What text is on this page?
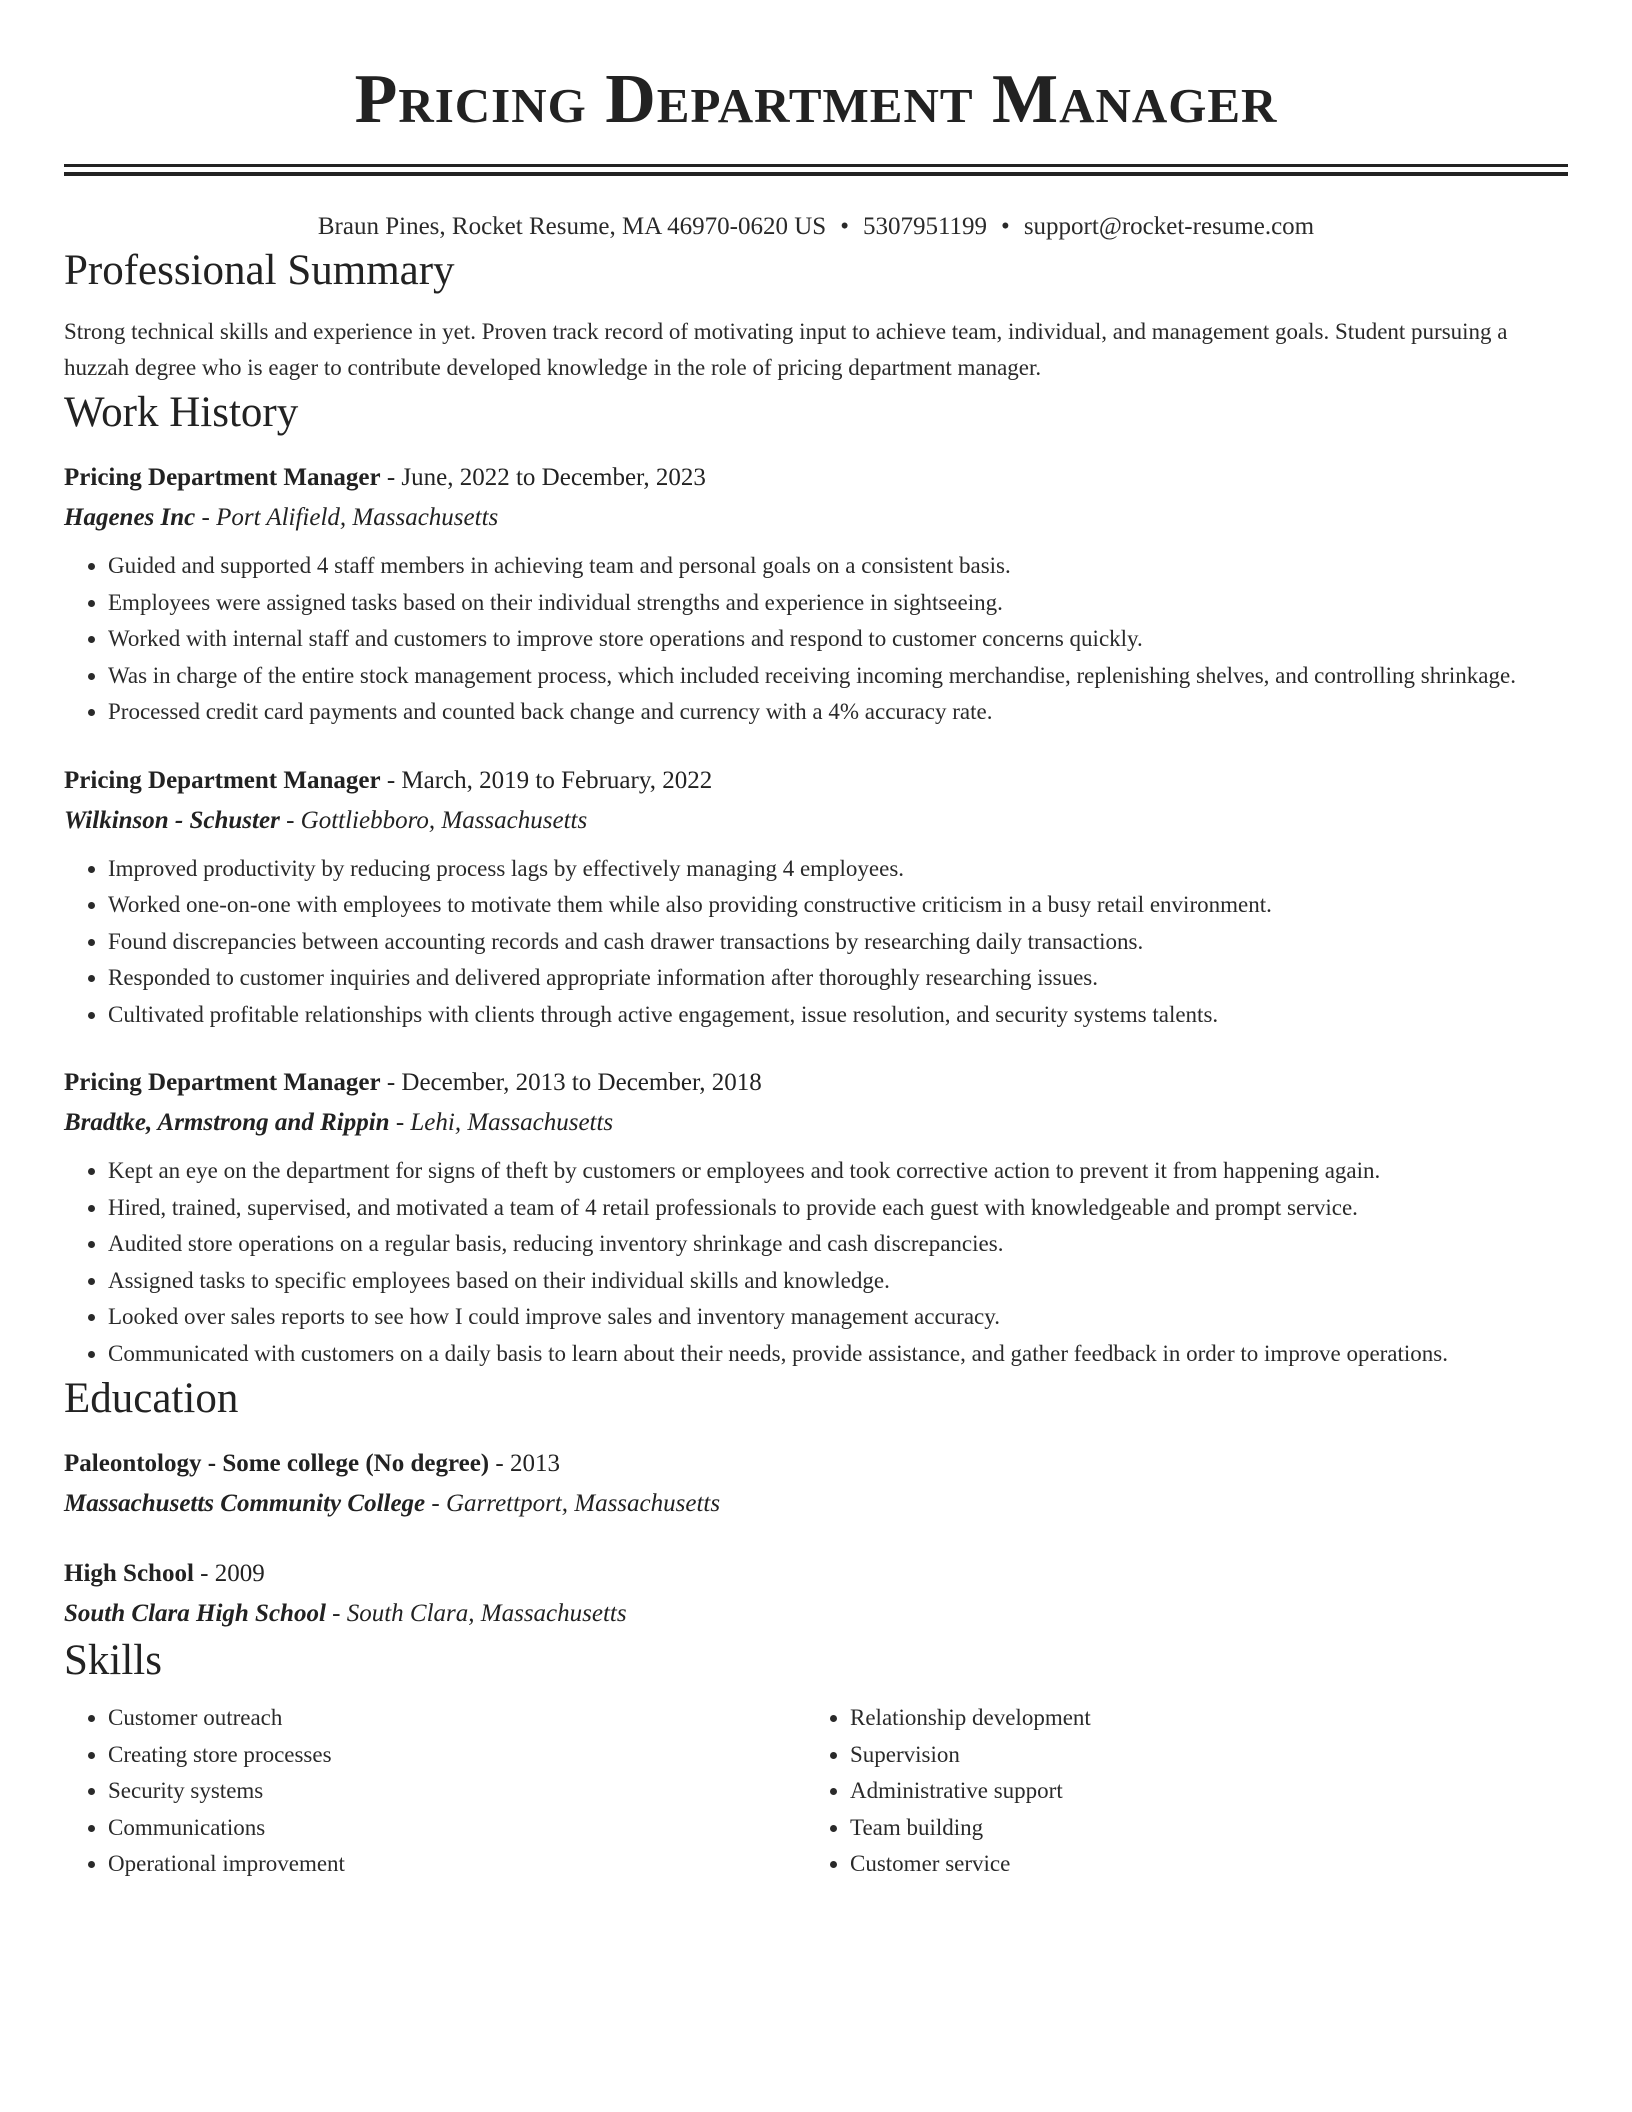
Pricing Department Manager
Braun Pines, Rocket Resume, MA 46970-0620 US • 5307951199 • support@rocket-resume.com
Professional Summary

Strong technical skills and experience in yet. Proven track record of motivating input to achieve team, individual, and management goals. Student pursuing a huzzah degree who is eager to contribute developed knowledge in the role of pricing department manager.

Work History
Pricing Department Manager - June, 2022 to December, 2023
Hagenes Inc - Port Alifield, Massachusetts
• Guided and supported 4 staff members in achieving team and personal goals on a consistent basis.
• Employees were assigned tasks based on their individual strengths and experience in sightseeing.
• Worked with internal staff and customers to improve store operations and respond to customer concerns quickly.
• Was in charge of the entire stock management process, which included receiving incoming merchandise, replenishing shelves, and controlling shrinkage.
• Processed credit card payments and counted back change and currency with a 4% accuracy rate.
Pricing Department Manager - March, 2019 to February, 2022
Wilkinson - Schuster - Gottliebboro, Massachusetts
• Improved productivity by reducing process lags by effectively managing 4 employees.
• Worked one-on-one with employees to motivate them while also providing constructive criticism in a busy retail environment.
• Found discrepancies between accounting records and cash drawer transactions by researching daily transactions.
• Responded to customer inquiries and delivered appropriate information after thoroughly researching issues.
• Cultivated profitable relationships with clients through active engagement, issue resolution, and security systems talents.
Pricing Department Manager - December, 2013 to December, 2018
Bradtke, Armstrong and Rippin - Lehi, Massachusetts
• Kept an eye on the department for signs of theft by customers or employees and took corrective action to prevent it from happening again.
• Hired, trained, supervised, and motivated a team of 4 retail professionals to provide each guest with knowledgeable and prompt service.
• Audited store operations on a regular basis, reducing inventory shrinkage and cash discrepancies.
• Assigned tasks to specific employees based on their individual skills and knowledge.
• Looked over sales reports to see how I could improve sales and inventory management accuracy.
• Communicated with customers on a daily basis to learn about their needs, provide assistance, and gather feedback in order to improve operations.
Education
Paleontology - Some college (No degree) - 2013
Massachusetts Community College - Garrettport, Massachusetts
High School - 2009
South Clara High School - South Clara, Massachusetts
Skills
• Customer outreach
• Creating store processes
• Security systems
• Communications
• Operational improvement
• Relationship development
• Supervision
• Administrative support
• Team building
• Customer service
